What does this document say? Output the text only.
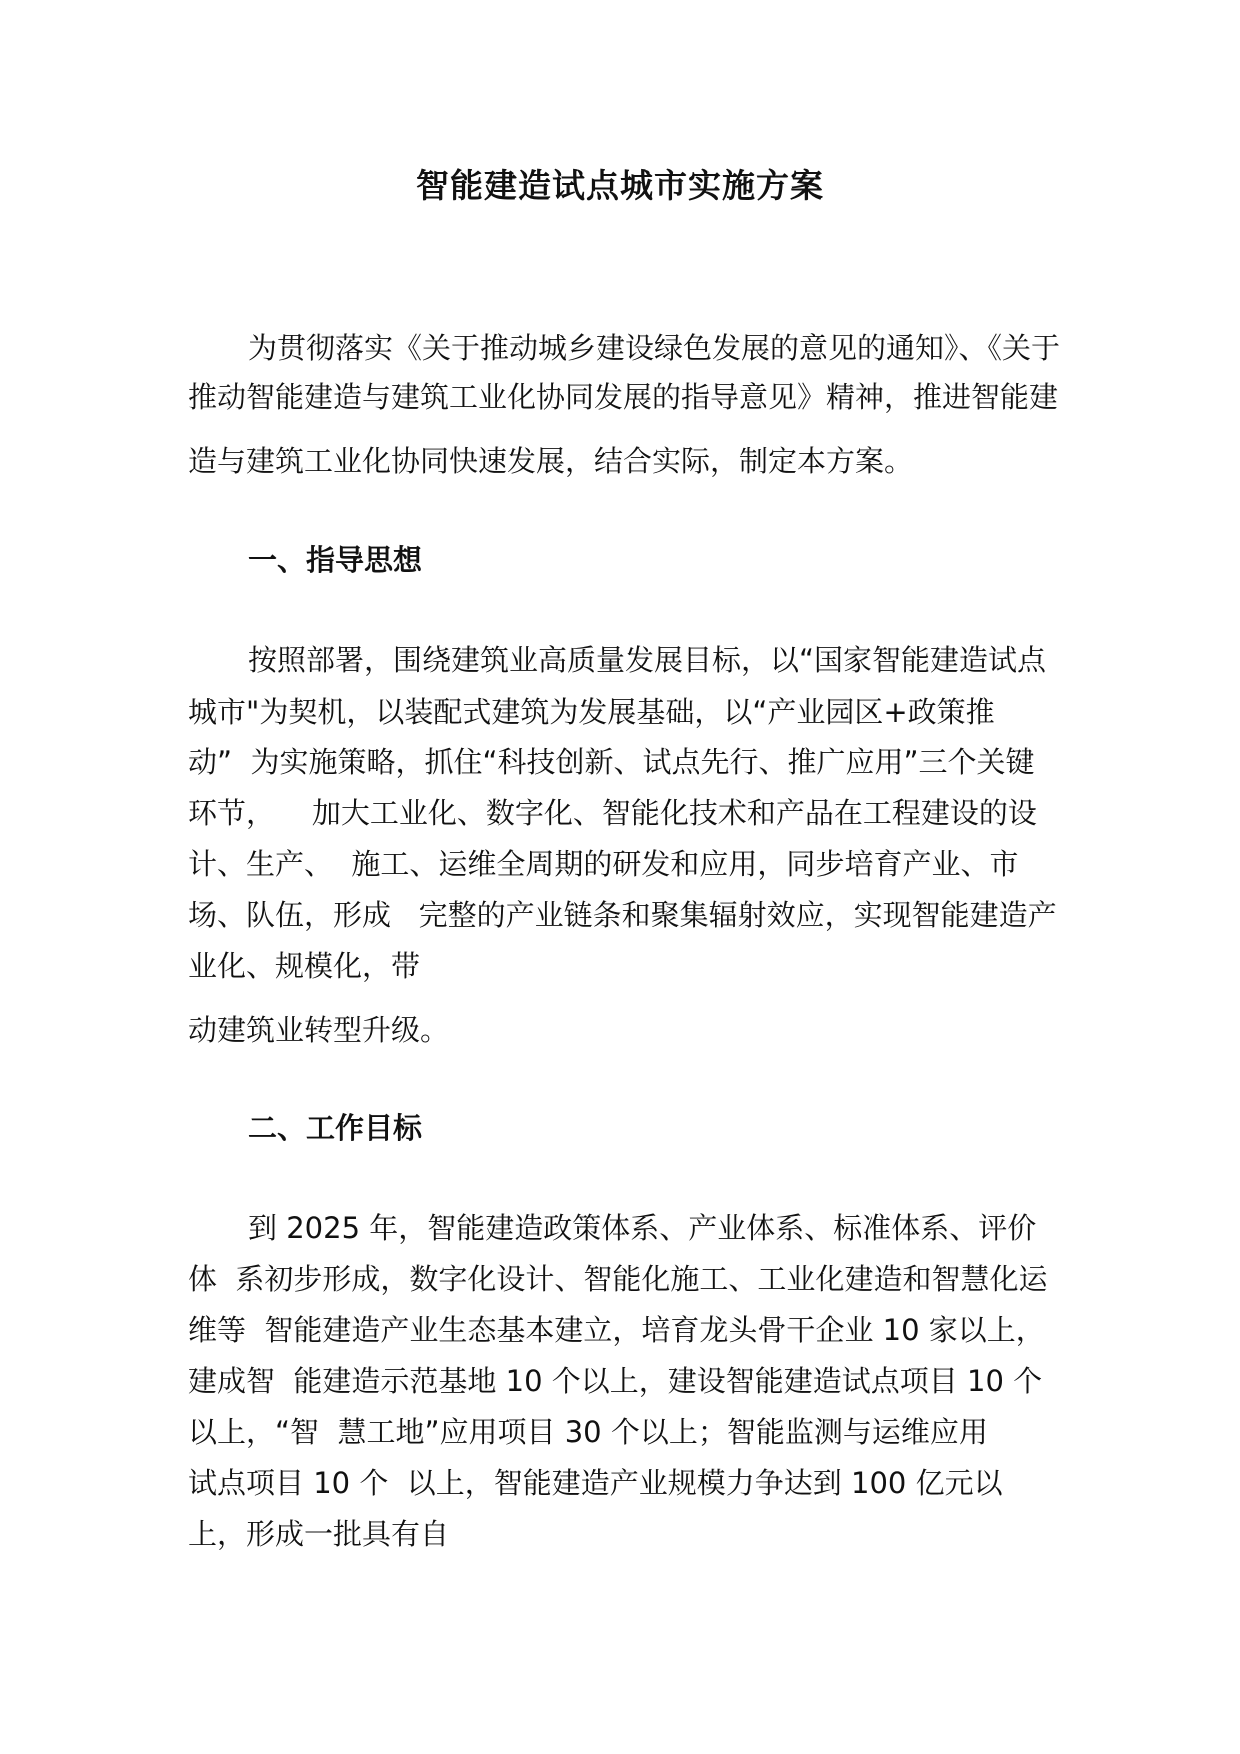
智能建造试点城市实施方案
为贯彻落实《关于推动城乡建设绿色发展的意见的通知》、《关于
推动智能建造与建筑工业化协同发展的指导意见》精神，推进智能建
造与建筑工业化协同快速发展，结合实际，制定本方案。
一、指导思想
按照部署，围绕建筑业高质量发展目标，以“国家智能建造试点
城市"为契机，以装配式建筑为发展基础，以“产业园区+政策推
动”  为实施策略，抓住“科技创新、试点先行、推广应用”三个关键
环节，    加大工业化、数字化、智能化技术和产品在工程建设的设
计、生产、  施工、运维全周期的研发和应用，同步培育产业、市
场、队伍，形成   完整的产业链条和聚集辐射效应，实现智能建造产
业化、规模化，带
动建筑业转型升级。
二、工作目标
到 2025 年，智能建造政策体系、产业体系、标准体系、评价
体  系初步形成，数字化设计、智能化施工、工业化建造和智慧化运
维等  智能建造产业生态基本建立，培育龙头骨干企业 10 家以上，
建成智  能建造示范基地 10 个以上，建设智能建造试点项目 10 个
以上，“智  慧工地”应用项目 30 个以上；智能监测与运维应用
试点项目 10 个  以上，智能建造产业规模力争达到 100 亿元以
上，形成一批具有自
